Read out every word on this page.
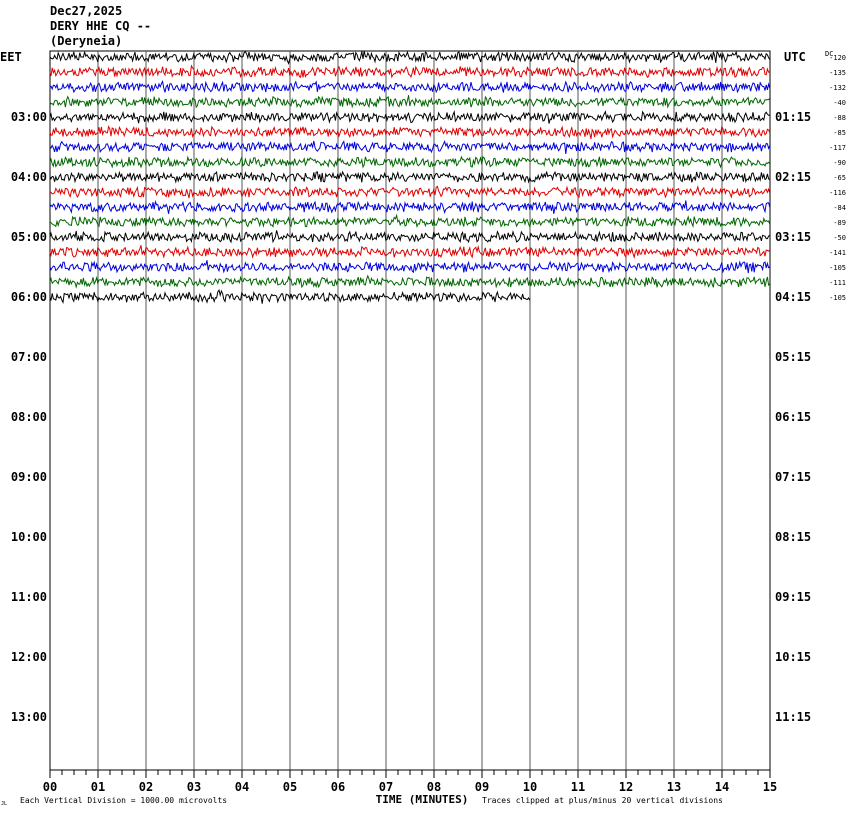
Dec27,2025
DERY HHE CQ --
(Deryneia)
00	01	02	03	04	05	06	07	08	09	10	11	12	13	14	15
TIME (MINUTES)
Each Vertical Division = 1000.00 microvolts	Traces clipped at plus/minus 20 vertical divisions
JL
EET	UTC	DC
03:00
04:00
05:00
06:00
07:00
08:00
09:00
10:00
11:00
12:00
13:00
01:15
02:15
03:15
04:15
05:15
06:15
07:15
08:15
09:15
10:15
11:15
-120
-135
-132
-40
-88
-85
-117
-90
-65
-116
-84
-89
-50
-141
-105
-111
-105
